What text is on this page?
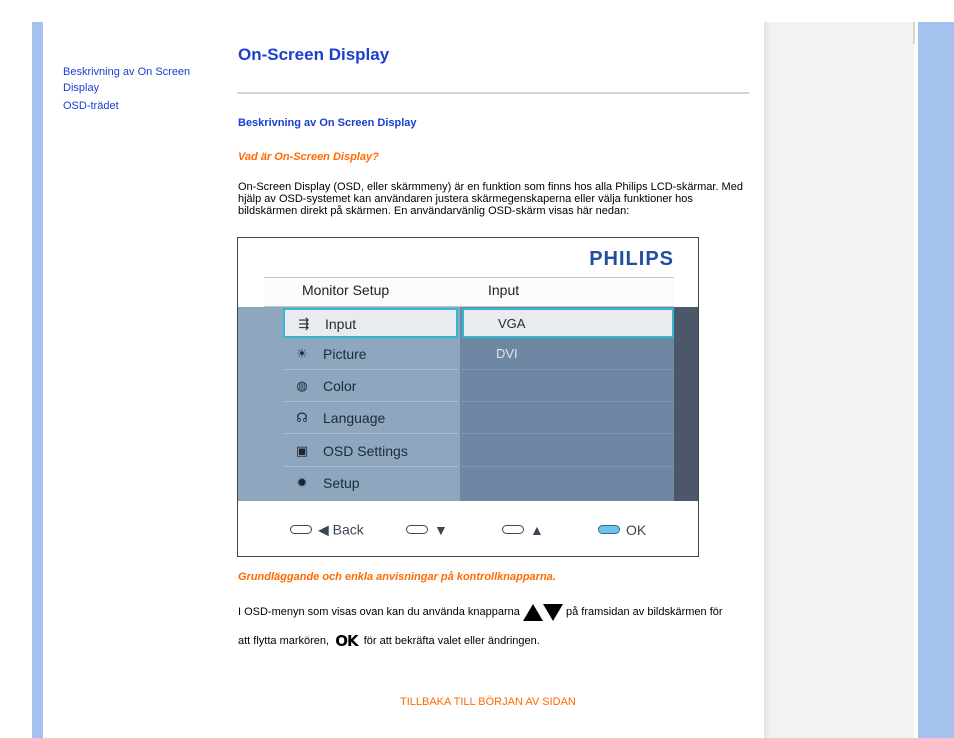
Beskrivning av On Screen Display
OSD-trädet
On-Screen Display
Beskrivning av On Screen Display
Vad är On-Screen Display?
On-Screen Display (OSD, eller skärmmeny) är en funktion som finns hos alla Philips LCD-skärmar. Med hjälp av OSD-systemet kan användaren justera skärmegenskaperna eller välja funktioner hos bildskärmen direkt på skärmen. En användarvänlig OSD-skärm visas här nedan:
PHILIPS
Monitor Setup	Input
⇶ Input
☀ Picture
◍ Color
☊ Language
▣ OSD Settings
✹ Setup
VGA
DVI
◀ Back	▼	▲	OK
Grundläggande och enkla anvisningar på kontrollknapparna.
I OSD-menyn som visas ovan kan du använda knapparna	på framsidan av bildskärmen för
att flytta markören, OK för att bekräfta valet eller ändringen.
TILLBAKA TILL BÖRJAN AV SIDAN
